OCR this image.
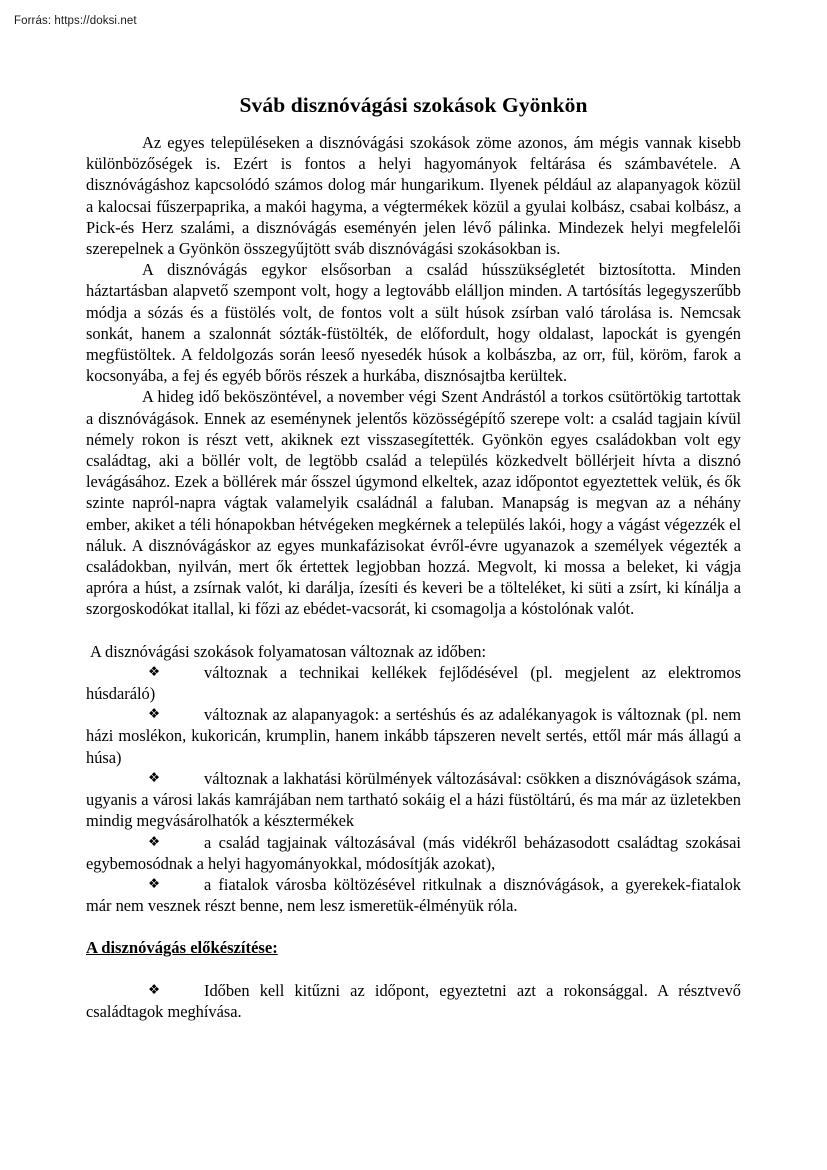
Forrás: https://doksi.net
Sváb disznóvágási szokások Gyönkön

Az egyes településeken a disznóvágási szokások zöme azonos, ám mégis vannak kisebb különbözőségek is. Ezért is fontos a helyi hagyományok feltárása és számbavétele. A disznóvágáshoz kapcsolódó számos dolog már hungarikum. Ilyenek például az alapanyagok közül a kalocsai fűszerpaprika, a makói hagyma, a végtermékek közül a gyulai kolbász, csabai kolbász, a Pick-és Herz szalámi, a disznóvágás eseményén jelen lévő pálinka. Mindezek helyi megfelelői szerepelnek a Gyönkön összegyűjtött sváb disznóvágási szokásokban is.

A disznóvágás egykor elsősorban a család hússzükségletét biztosította. Minden háztartásban alapvető szempont volt, hogy a legtovább elálljon minden. A tartósítás legegyszerűbb módja a sózás és a füstölés volt, de fontos volt a sült húsok zsírban való tárolása is. Nemcsak sonkát, hanem a szalonnát sózták-füstölték, de előfordult, hogy oldalast, lapockát is gyengén megfüstöltek. A feldolgozás során leeső nyesedék húsok a kolbászba, az orr, fül, köröm, farok a kocsonyába, a fej és egyéb bőrös részek a hurkába, disznósajtba kerültek.

A hideg idő beköszöntével, a november végi Szent Andrástól a torkos csütörtökig tartottak a disznóvágások. Ennek az eseménynek jelentős közösségépítő szerepe volt: a család tagjain kívül némely rokon is részt vett, akiknek ezt visszasegítették. Gyönkön egyes családokban volt egy családtag, aki a böllér volt, de legtöbb család a település közkedvelt böllérjeit hívta a disznó levágásához. Ezek a böllérek már ősszel úgymond elkeltek, azaz időpontot egyeztettek velük, és ők szinte napról-napra vágtak valamelyik családnál a faluban. Manapság is megvan az a néhány ember, akiket a téli hónapokban hétvégeken megkérnek a település lakói, hogy a vágást végezzék el náluk. A disznóvágáskor az egyes munkafázisokat évről-évre ugyanazok a személyek végezték a családokban, nyilván, mert ők értettek legjobban hozzá. Megvolt, ki mossa a beleket, ki vágja apróra a húst, a zsírnak valót, ki darálja, ízesíti és keveri be a tölteléket, ki süti a zsírt, ki kínálja a szorgoskodókat itallal, ki főzi az ebédet-vacsorát, ki csomagolja a kóstolónak valót.

A disznóvágási szokások folyamatosan változnak az időben:

❖	változnak a technikai kellékek fejlődésével (pl. megjelent az elektromos húsdaráló)
❖	változnak az alapanyagok: a sertéshús és az adalékanyagok is változnak (pl. nem házi moslékon, kukoricán, krumplin, hanem inkább tápszeren nevelt sertés, ettől már más állagú a húsa)
❖	változnak a lakhatási körülmények változásával: csökken a disznóvágások száma, ugyanis a városi lakás kamrájában nem tartható sokáig el a házi füstöltárú, és ma már az üzletekben mindig megvásárolhatók a késztermékek
❖	a család tagjainak változásával (más vidékről beházasodott családtag szokásai egybemosódnak a helyi hagyományokkal, módosítják azokat),
❖	a fiatalok városba költözésével ritkulnak a disznóvágások, a gyerekek-fiatalok már nem vesznek részt benne, nem lesz ismeretük-élményük róla.
A disznóvágás előkészítése:
❖	Időben kell kitűzni az időpont, egyeztetni azt a rokonsággal. A résztvevő családtagok meghívása.
